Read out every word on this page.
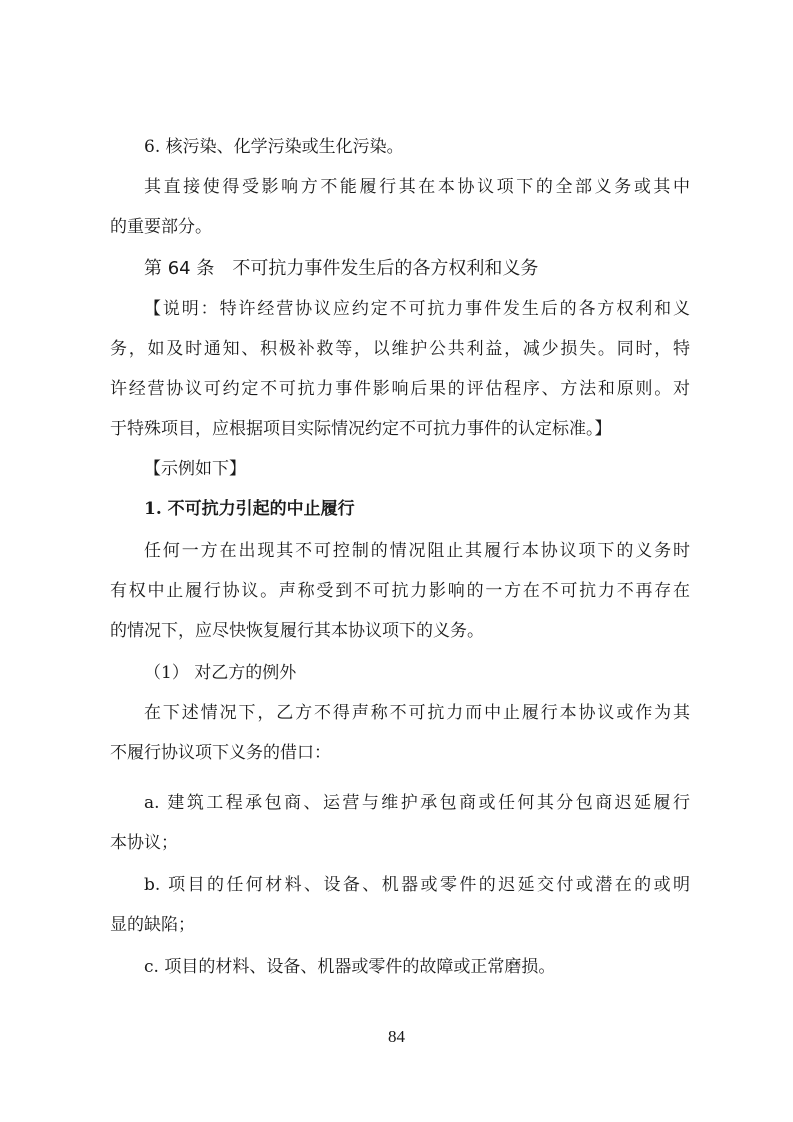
6. 核污染、化学污染或生化污染。
其直接使得受影响方不能履行其在本协议项下的全部义务或其中
的重要部分。
第 64 条　不可抗力事件发生后的各方权利和义务
【说明：特许经营协议应约定不可抗力事件发生后的各方权利和义
务，如及时通知、积极补救等，以维护公共利益，减少损失。同时，特
许经营协议可约定不可抗力事件影响后果的评估程序、方法和原则。对
于特殊项目，应根据项目实际情况约定不可抗力事件的认定标准。】
【示例如下】
1. 不可抗力引起的中止履行
任何一方在出现其不可控制的情况阻止其履行本协议项下的义务时
有权中止履行协议。声称受到不可抗力影响的一方在不可抗力不再存在
的情况下，应尽快恢复履行其本协议项下的义务。
（1） 对乙方的例外
在下述情况下，乙方不得声称不可抗力而中止履行本协议或作为其
不履行协议项下义务的借口：
a. 建筑工程承包商、运营与维护承包商或任何其分包商迟延履行
本协议；
b. 项目的任何材料、设备、机器或零件的迟延交付或潜在的或明
显的缺陷；
c. 项目的材料、设备、机器或零件的故障或正常磨损。
84
